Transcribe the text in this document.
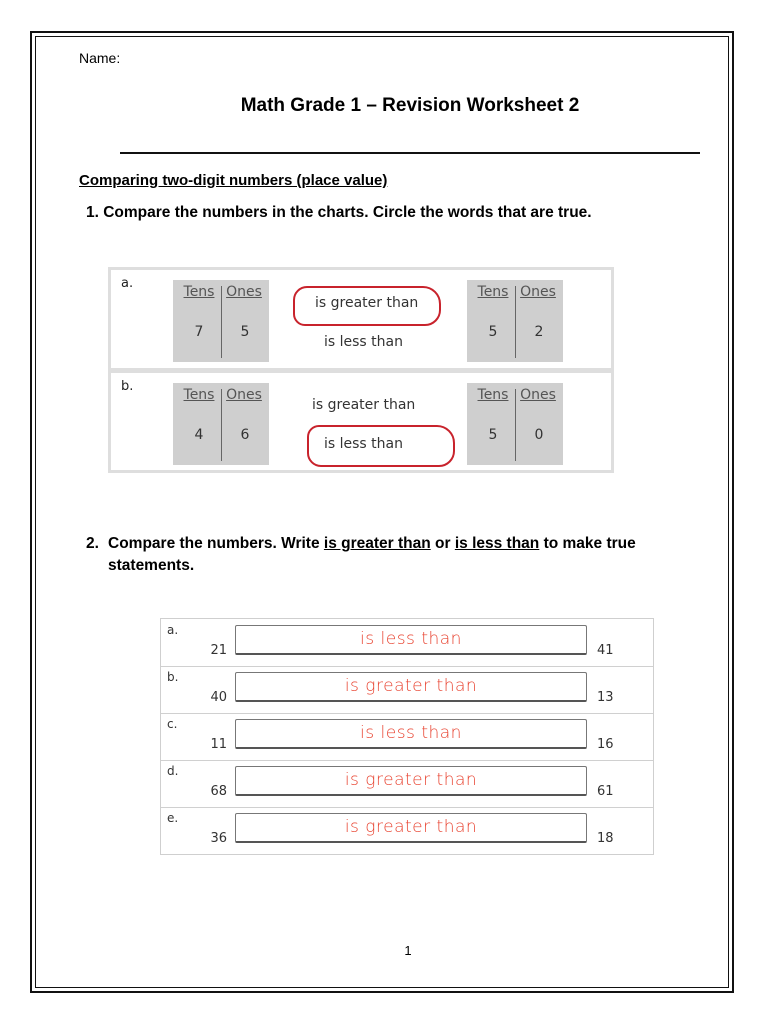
Name:
Math Grade 1 – Revision Worksheet 2
Comparing two-digit numbers (place value)
1. Compare the numbers in the charts. Circle the words that are true.
a.
Tens Ones
7	5
is greater than
is less than
Tens Ones
5	2
b.
Tens Ones
4	6
is greater than
is less than
Tens Ones
5	0
2. Compare the numbers. Write is greater than or is less than to make true
statements.
a.
21
is less than
41
b.
40
is greater than
13
c.
11
is less than
16
d.
68
is greater than
61
e.
36
is greater than
18
1
